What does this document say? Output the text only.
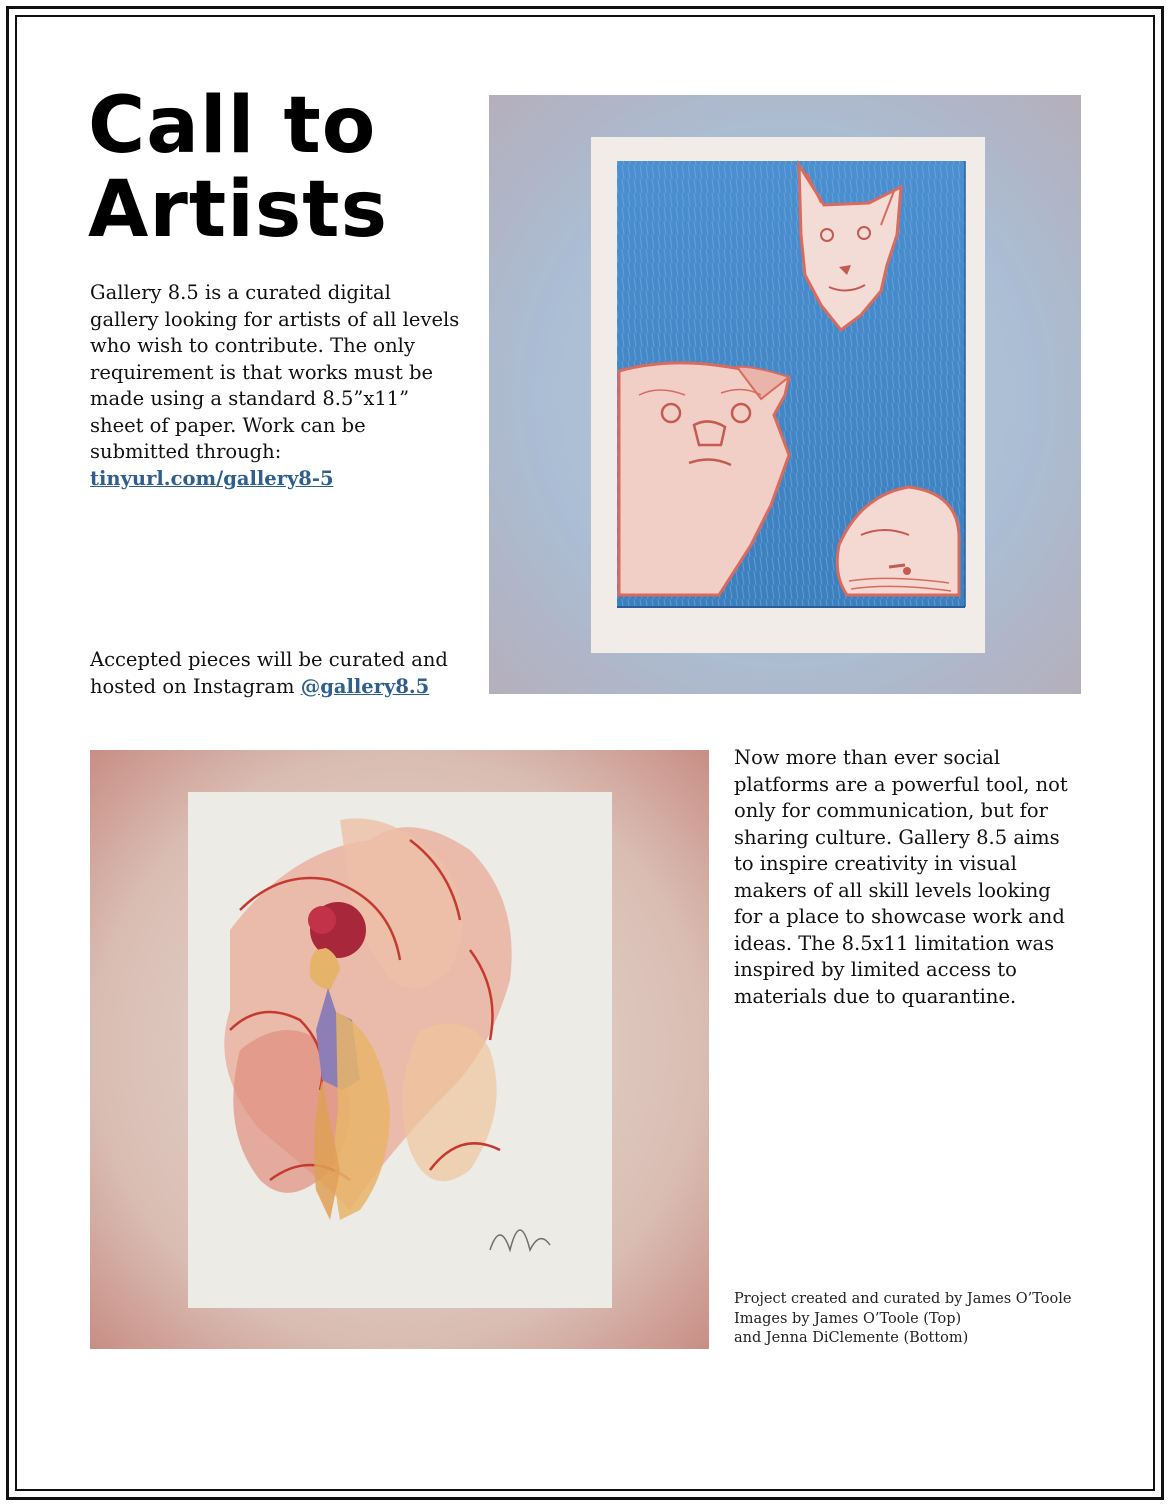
Call to
Artists

Gallery 8.5 is a curated digital gallery looking for artists of all levels who wish to contribute. The only requirement is that works must be made using a standard 8.5”x11” sheet of paper. Work can be submitted through:
tinyurl.com/gallery8-5

Accepted pieces will be curated and hosted on Instagram @gallery8.5

Now more than ever social platforms are a powerful tool, not only for communication, but for sharing culture. Gallery 8.5 aims to inspire creativity in visual makers of all skill levels looking for a place to showcase work and ideas. The 8.5x11 limitation was inspired by limited access to materials due to quarantine.

Project created and curated by James O’Toole
Images by James O’Toole (Top)
and Jenna DiClemente (Bottom)
